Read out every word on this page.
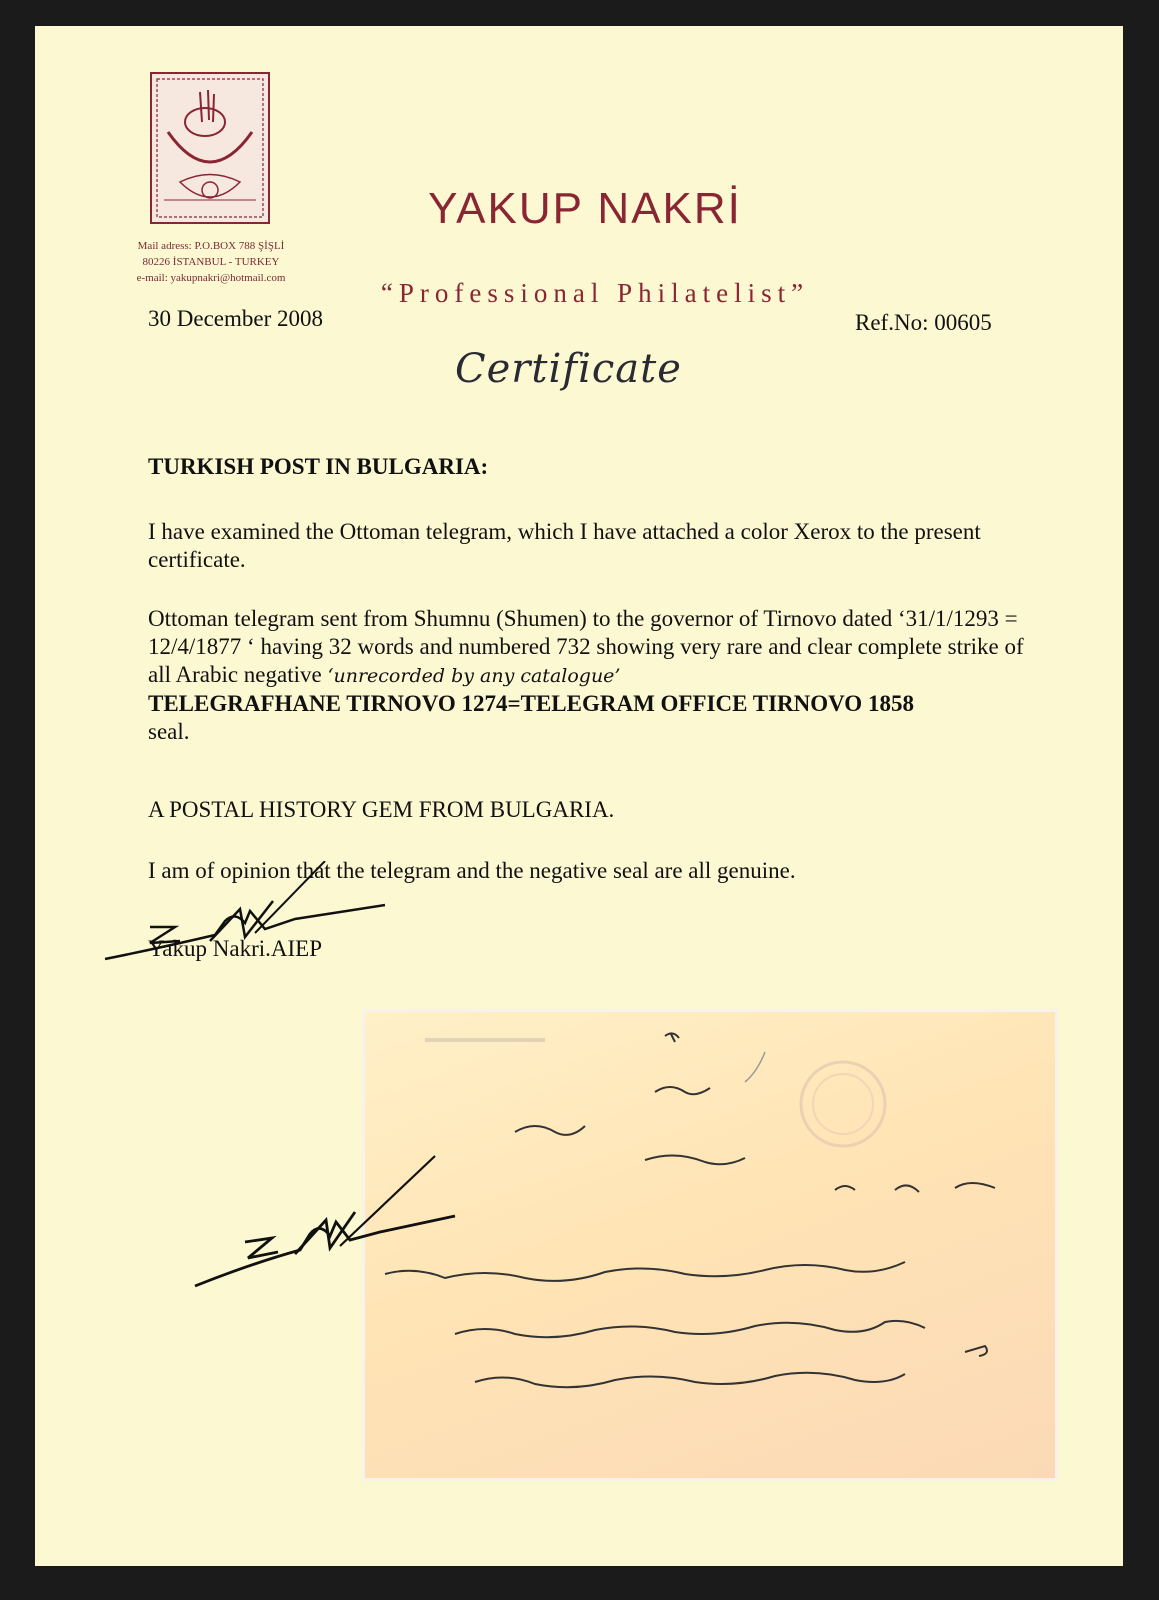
Mail adress: P.O.BOX 788 ŞİŞLİ
80226 İSTANBUL - TURKEY
e-mail: yakupnakri@hotmail.com
YAKUP NAKRİ
“Professional Philatelist”
30 December 2008	Ref.No: 00605
Certificate
TURKISH POST IN BULGARIA:
I have examined the Ottoman telegram, which I have attached a color Xerox to the present certificate.
Ottoman telegram sent from Shumnu (Shumen) to the governor of Tirnovo dated ‘31/1/1293 = 12/4/1877 ‘ having 32 words and numbered 732 showing very rare and clear complete strike of all Arabic negative ‘unrecorded by any catalogue’
TELEGRAFHANE TIRNOVO 1274=TELEGRAM OFFICE TIRNOVO 1858
seal.
A POSTAL HISTORY GEM FROM BULGARIA.
I am of opinion that the telegram and the negative seal are all genuine.
Yakup Nakri.AIEP
